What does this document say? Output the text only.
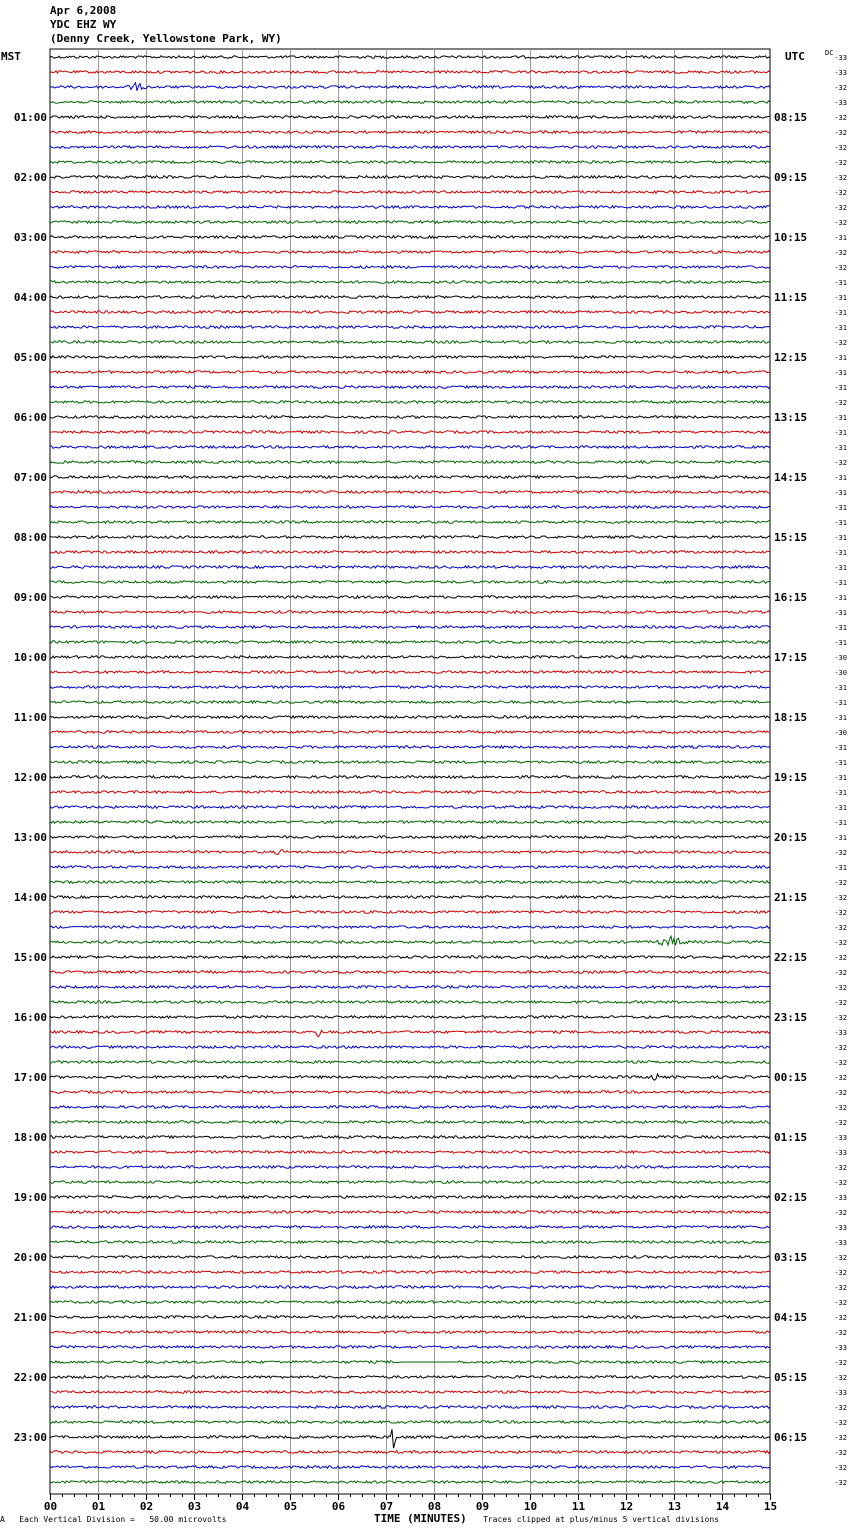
Apr 6,2008
YDC EHZ WY
(Denny Creek, Yellowstone Park, WY)
MST	UTC	DC
01:00
02:00
03:00
04:00
05:00
06:00
07:00
08:00
09:00
10:00
11:00
12:00
13:00
14:00
15:00
16:00
17:00
18:00
19:00
20:00
21:00
22:00
23:00
08:15
09:15
10:15
11:15
12:15
13:15
14:15
15:15
16:15
17:15
18:15
19:15
20:15
21:15
22:15
23:15
00:15
01:15
02:15
03:15
04:15
05:15
06:15
-33
-33
-32
-33
-32
-32
-32
-32
-32
-32
-32
-32
-31
-32
-32
-31
-31
-31
-31
-32
-31
-31
-31
-32
-31
-31
-31
-32
-31
-31
-31
-31
-31
-31
-31
-31
-31
-31
-31
-31
-30
-30
-31
-31
-31
-30
-31
-31
-31
-31
-31
-31
-31
-32
-31
-32
-32
-32
-32
-32
-32
-32
-32
-32
-32
-33
-32
-32
-32
-32
-32
-32
-33
-33
-32
-32
-33
-32
-33
-33
-32
-32
-32
-32
-32
-32
-33
-32
-32
-33
-32
-32
-32
-32
-32
-32
00	01	02	03	04	05	06	07	08	09	10	11	12	13	14	15
A Each Vertical Division =   50.00 microvolts	TIME (MINUTES) Traces clipped at plus/minus 5 vertical divisions
